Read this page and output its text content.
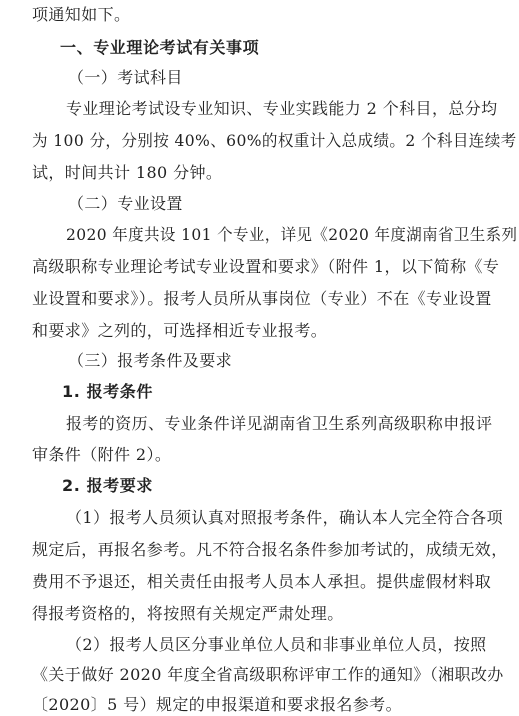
项通知如下。
一、专业理论考试有关事项
（一）考试科目
专业理论考试设专业知识、专业实践能力 2 个科目，总分均
为 100 分，分别按 40%、60%的权重计入总成绩。2 个科目连续考
试，时间共计 180 分钟。
（二）专业设置
2020 年度共设 101 个专业，详见《2020 年度湖南省卫生系列
高级职称专业理论考试专业设置和要求》（附件 1，以下简称《专
业设置和要求》）。报考人员所从事岗位（专业）不在《专业设置
和要求》之列的，可选择相近专业报考。
（三）报考条件及要求
1. 报考条件
报考的资历、专业条件详见湖南省卫生系列高级职称申报评
审条件（附件 2）。
2. 报考要求
（1）报考人员须认真对照报考条件，确认本人完全符合各项
规定后，再报名参考。凡不符合报名条件参加考试的，成绩无效，
费用不予退还，相关责任由报考人员本人承担。提供虚假材料取
得报考资格的，将按照有关规定严肃处理。
（2）报考人员区分事业单位人员和非事业单位人员，按照
《关于做好 2020 年度全省高级职称评审工作的通知》（湘职改办
〔2020〕5 号）规定的申报渠道和要求报名参考。
